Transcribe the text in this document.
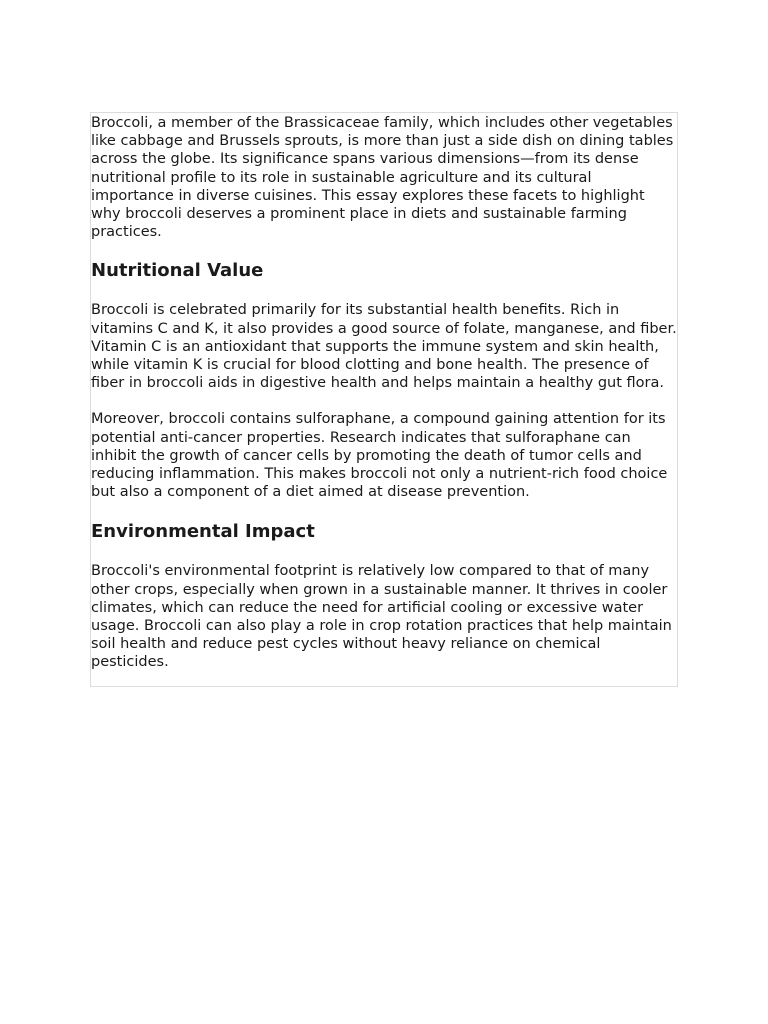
Broccoli, a member of the Brassicaceae family, which includes other vegetables like cabbage and Brussels sprouts, is more than just a side dish on dining tables across the globe. Its significance spans various dimensions—from its dense nutritional profile to its role in sustainable agriculture and its cultural importance in diverse cuisines. This essay explores these facets to highlight why broccoli deserves a prominent place in diets and sustainable farming practices.

Nutritional Value

Broccoli is celebrated primarily for its substantial health benefits. Rich in vitamins C and K, it also provides a good source of folate, manganese, and fiber. Vitamin C is an antioxidant that supports the immune system and skin health, while vitamin K is crucial for blood clotting and bone health. The presence of fiber in broccoli aids in digestive health and helps maintain a healthy gut flora.

Moreover, broccoli contains sulforaphane, a compound gaining attention for its potential anti-cancer properties. Research indicates that sulforaphane can inhibit the growth of cancer cells by promoting the death of tumor cells and reducing inflammation. This makes broccoli not only a nutrient-rich food choice but also a component of a diet aimed at disease prevention.

Environmental Impact

Broccoli's environmental footprint is relatively low compared to that of many other crops, especially when grown in a sustainable manner. It thrives in cooler climates, which can reduce the need for artificial cooling or excessive water usage. Broccoli can also play a role in crop rotation practices that help maintain soil health and reduce pest cycles without heavy reliance on chemical pesticides.
